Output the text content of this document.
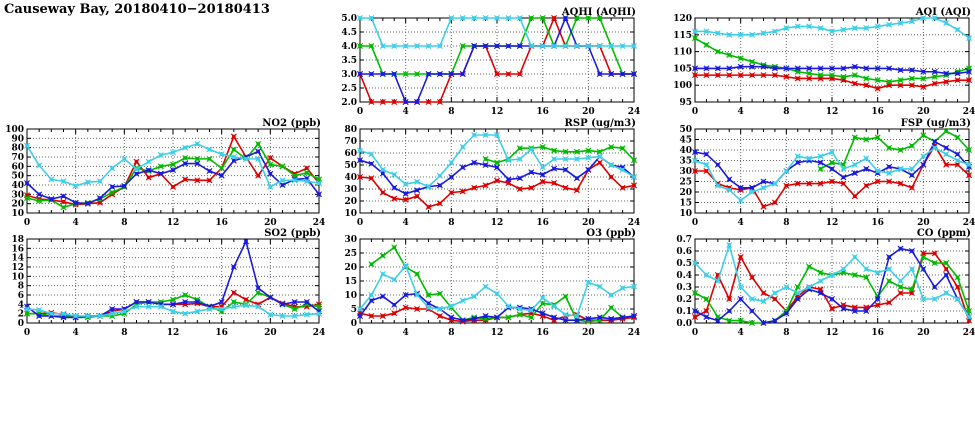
Causeway Bay, 20180410−20180413
2.0
2.5
3.0
3.5
4.0
4.5
5.0
0	4	8	12	16	20	24
AQHI (AQHI)
95
100
105
110
115
120
0	4	8	12	16	20	24
AQI (AQI)
10
20
30
40
50
60
70
80
90
100
0	4	8	12	16	20	24
NO2 (ppb)
10
20
30
40
50
60
70
80
0	4	8	12	16	20	24
RSP (ug/m3)
10
15
20
25
30
35
40
45
50
0	4	8	12	16	20	24
FSP (ug/m3)
0
2
4
6
8
10
12
14
16
18
0	4	8	12	16	20	24
SO2 (ppb)
0
5
10
15
20
25
30
0	4	8	12	16	20	24
O3 (ppb)
0.0
0.1
0.2
0.3
0.4
0.5
0.6
0.7
0	4	8	12	16	20	24
CO (ppm)
